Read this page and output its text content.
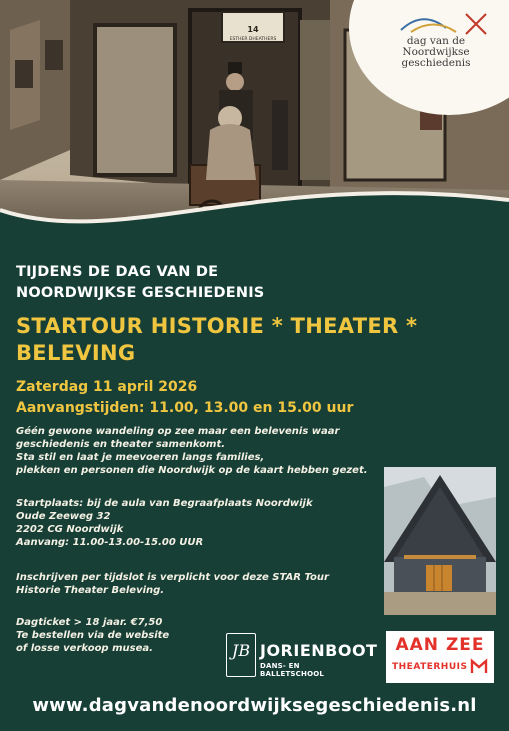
14
ESTHER DHEATHERS	dag van de
Noordwijkse
geschiedenis
TIJDENS DE DAG VAN DE
NOORDWIJKSE GESCHIEDENIS
STARTOUR HISTORIE * THEATER * BELEVING
Zaterdag 11 april 2026
Aanvangstijden: 11.00, 13.00 en 15.00 uur
Géén gewone wandeling op zee maar een belevenis waar
geschiedenis en theater samenkomt.
Sta stil en laat je meevoeren langs families,
plekken en personen die Noordwijk op de kaart hebben gezet.
Startplaats: bij de aula van Begraafplaats Noordwijk
Oude Zeeweg 32
2202 CG Noordwijk
Aanvang: 11.00-13.00-15.00 UUR
Inschrijven per tijdslot is verplicht voor deze STAR Tour
Historie Theater Beleving.
Dagticket > 18 jaar. €7,50
Te bestellen via de website
of losse verkoop musea.	JB JORIENBOOT
DANS- EN BALLETSCHOOL
AAN ZEE
THEATERHUIS
www.dagvandenoordwijksegeschiedenis.nl
